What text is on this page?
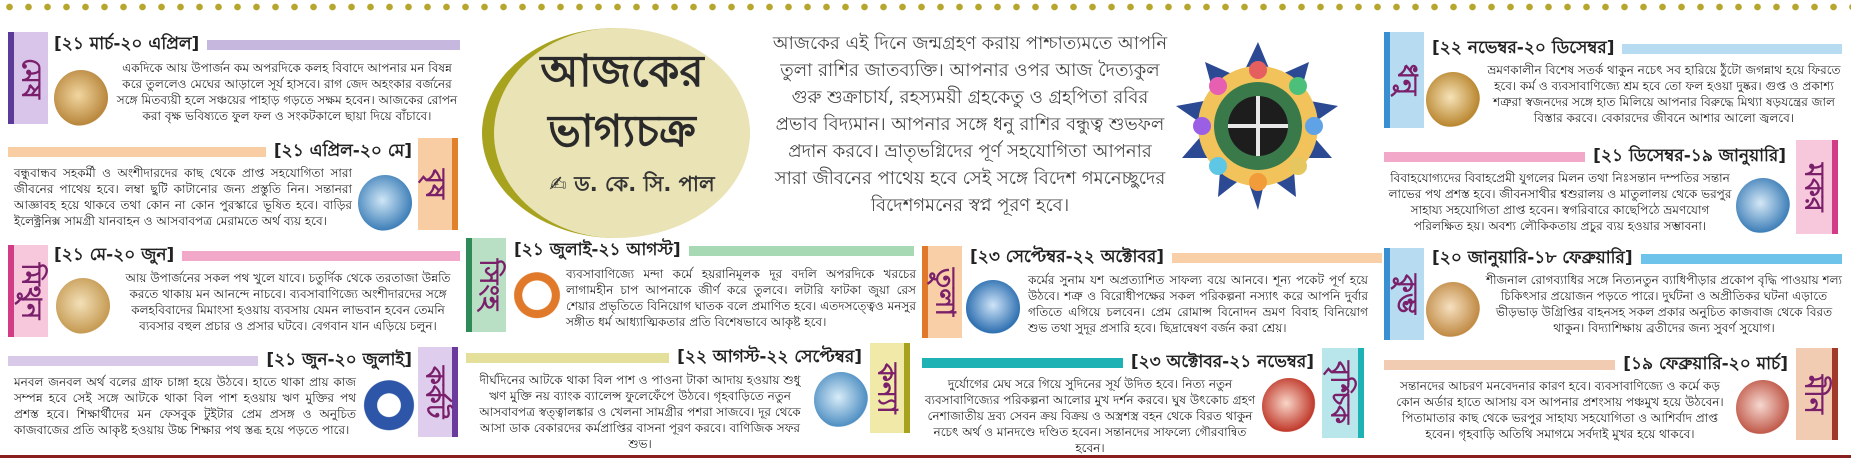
মেষ
[২১ মার্চ-২০ এপ্রিল]
একদিকে আয় উপার্জন কম অপরদিকে কলহ বিবাদে আপনার মন বিষন্ন করে তুললেও মেঘের আড়ালে সূর্য হাসবে। রাগ জেদ অহংকার বর্জনের সঙ্গে মিতব্যয়ী হলে সঞ্চয়ের পাহাড় গড়তে সক্ষম হবেন। আজকের রোপন করা বৃক্ষ ভবিষ্যতে ফুল ফল ও সংকটকালে ছায়া দিয়ে বাঁচাবে।
[২১ এপ্রিল-২০ মে]
বৃষ
বন্ধুবান্ধব সহকর্মী ও অংশীদারদের কাছ থেকে প্রাপ্ত সহযোগিতা সারা জীবনের পাথেয় হবে। লম্বা ছুটি কাটানোর জন্য প্রস্তুতি নিন। সন্তানরা আজ্ঞাবহ হয়ে থাকবে তথা কোন না কোন পুরস্কারে ভূষিত হবে। বাড়ির ইলেক্ট্রনিক্স সামগ্রী যানবাহন ও আসবাবপত্র মেরামতে অর্থ ব্যয় হবে।
মিথুন
[২১ মে-২০ জুন]
আয় উপার্জনের সকল পথ খুলে যাবে। চতুর্দিক থেকে তরতাজা উন্নতি করতে থাকায় মন আনন্দে নাচবে। ব্যবসাবাণিজ্যে অংশীদারদের সঙ্গে কলহবিবাদের মিমাংসা হওয়ায় ব্যবসায় যেমন লাভবান হবেন তেমনি ব্যবসার বহুল প্রচার ও প্রসার ঘটবে। বেগবান যান এড়িয়ে চলুন।
[২১ জুন-২০ জুলাই]
কর্কট
মনবল জনবল অর্থ বলের গ্রাফ চাঙ্গা হয়ে উঠবে। হাতে থাকা প্রায় কাজ সম্পন্ন হবে সেই সঙ্গে আটকে থাকা বিল পাশ হওয়ায় ঋণ মুক্তির পথ প্রশস্ত হবে। শিক্ষার্থীদের মন ফেসবুক টুইটার প্রেম প্রসঙ্গ ও অনুচিত কাজবাজের প্রতি আকৃষ্ট হওয়ায় উচ্চ শিক্ষার পথ স্তব্ধ হয়ে পড়তে পারে।
আজকের
ভাগ্যচক্র
✍ ড. কে. সি. পাল
আজকের এই দিনে জন্মগ্রহণ করায় পাশ্চাত্যমতে আপনি তুলা রাশির জাতব্যক্তি। আপনার ওপর আজ দৈত্যকুল গুরু শুক্রাচার্য, রহস্যময়ী গ্রহকেতু ও গ্রহপিতা রবির প্রভাব বিদ্যমান। আপনার সঙ্গে ধনু রাশির বন্ধুত্ব শুভফল প্রদান করবে। ভ্রাতৃভগ্নিদের পূর্ণ সহযোগিতা আপনার সারা জীবনের পাথেয় হবে সেই সঙ্গে বিদেশ গমনেচ্ছুদের বিদেশগমনের স্বপ্ন পূরণ হবে।
সিংহ
[২১ জুলাই-২১ আগস্ট]
ব্যবসাবাণিজ্যে মন্দা কর্মে হয়রানিমূলক দূর বদলি অপরদিকে খরচের লাগামহীন চাপ আপনাকে জীর্ণ করে তুলবে। লটারি ফাটকা জুয়া রেস শেয়ার প্রভৃতিতে বিনিয়োগ ঘাতক বলে প্রমাণিত হবে। এতদসত্ত্বেও মনসুর সঙ্গীত ধর্ম আধ্যাত্মিকতার প্রতি বিশেষভাবে আকৃষ্ট হবে।
তুলা
[২৩ সেপ্টেম্বর-২২ অক্টোবর]
কর্মের সুনাম যশ অপ্রত্যাশিত সাফল্য বয়ে আনবে। শূন্য পকেট পূর্ণ হয়ে উঠবে। শত্রু ও বিরোধীপক্ষের সকল পরিকল্পনা নস্যাৎ করে আপনি দুর্বার গতিতে এগিয়ে চলবেন। প্রেম রোমান্স বিনোদন ভ্রমণ বিবাহ বিনিয়োগ শুভ তথা সুদূর প্রসারি হবে। ছিদ্রান্বেষণ বর্জন করা শ্রেয়।
[২২ আগস্ট-২২ সেপ্টেম্বর]
কন্যা
দীর্ঘদিনের আটকে থাকা বিল পাশ ও পাওনা টাকা আদায় হওয়ায় শুধু ঋণ মুক্তি নয় ব্যাংক ব্যালেন্স ফুলেফেঁপে উঠবে। গৃহবাড়িতে নতুন আসবাবপত্র স্বত্ত্বালঙ্কার ও খেলনা সামগ্রীর পশরা সাজবে। দূর থেকে আসা ডাক বেকারদের কর্মপ্রাপ্তির বাসনা পূরণ করবে। বাণিজিক সফর শুভ।
[২৩ অক্টোবর-২১ নভেম্বর] বৃশ্চিক
দুর্যোগের মেঘ সরে গিয়ে সুদিনের সূর্য উদিত হবে। নিত্য নতুন ব্যবসাবাণিজ্যের পরিকল্পনা আলোর মুখ দর্শন করবে। ঘুষ উৎকোচ গ্রহণ নেশাজাতীয় দ্রব্য সেবন ক্রয় বিক্রয় ও অস্ত্রশস্ত্র বহন থেকে বিরত থাকুন নচেৎ অর্থ ও মানদণ্ডে দণ্ডিত হবেন। সন্তানদের সাফল্যে গৌরবান্বিত হবেন।
ধনু
[২২ নভেম্বর-২০ ডিসেম্বর]
ভ্রমণকালীন বিশেষ সতর্ক থাকুন নচেৎ সব হারিয়ে ঠুঁটো জগন্নাথ হয়ে ফিরতে হবে। কর্ম ও ব্যবসাবাণিজ্যে শ্রম হবে তো ফল হওয়া দুষ্কর। গুপ্ত ও প্রকাশ্য শত্রুরা স্বজনদের সঙ্গে হাত মিলিয়ে আপনার বিরুদ্ধে মিথ্যা ষড়যন্ত্রের জাল বিস্তার করবে। বেকারদের জীবনে আশার আলো জ্বলবে।
[২১ ডিসেম্বর-১৯ জানুয়ারি]
মকর
বিবাহযোগ্যদের বিবাহপ্রেমী যুগলের মিলন তথা নিঃসন্তান দম্পতির সন্তান লাভের পথ প্রশস্ত হবে। জীবনসাথীর শ্বশুরালয় ও মাতুলালয় থেকে ভরপুর সাহায্য সহযোগিতা প্রাপ্ত হবেন। স্বগরিবারে কাছেপিঠে ভ্রমণযোগ পরিলক্ষিত হয়। অবশ্য লৌকিকতায় প্রচুর ব্যয় হওয়ার সম্ভাবনা।
কুম্ভ
[২০ জানুয়ারি-১৮ ফেব্রুয়ারি]
শীজনাল রোগব্যাধির সঙ্গে নিত্যনতুন ব্যাধিপীড়ার প্রকোপ বৃদ্ধি পাওয়ায় শল্য চিকিৎসার প্রয়োজন পড়তে পারে। দুর্ঘটনা ও অপ্রীতিকর ঘটনা এড়াতে ভীড়ভাড় উগ্রিপ্তির বাহনসহ সকল প্রকার অনুচিত কাজবাজ থেকে বিরত থাকুন। বিদ্যাশিক্ষায় ব্রতীদের জন্য সুবর্ণ সুযোগ।
[১৯ ফেব্রুয়ারি-২০ মার্চ]
মীন
সন্তানদের আচরণ মনবেদনার কারণ হবে। ব্যবসাবাণিজ্যে ও কর্মে কড় কোন অর্ডার হাতে আসায় বস আপনার প্রশংসায় পঞ্চমুখ হয়ে উঠবেন। পিতামাতার কাছ থেকে ভরপুর সাহায্য সহযোগিতা ও আশির্বাদ প্রাপ্ত হবেন। গৃহবাড়ি অতিথি সমাগমে সর্বদাই মুখর হয়ে থাকবে।
